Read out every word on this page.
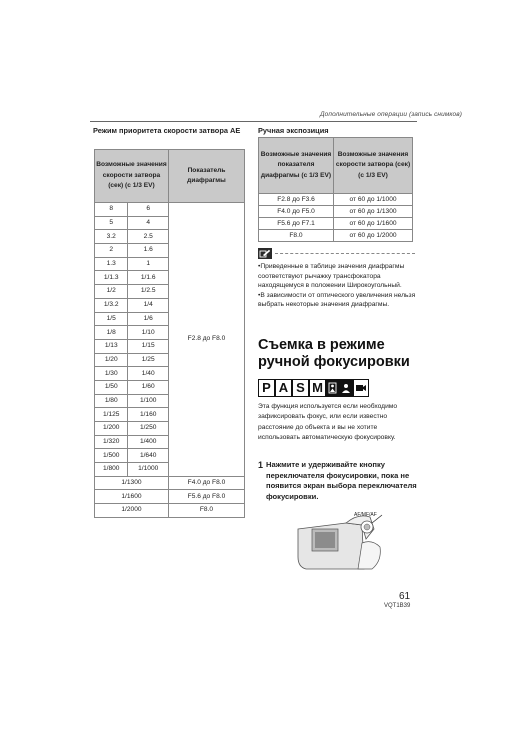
Дополнительные операции (запись снимков)
Режим приоритета скорости затвора AE
Возможные значения скорости затвора (сек) (с 1/3 EV)		Показатель диафрагмы
8	6	F2.8 до F8.0
5	4	
3.2	2.5	
2	1.6	
1.3	1	
1/1.3	1/1.6	
1/2	1/2.5	
1/3.2	1/4	
1/5	1/6	
1/8	1/10	
1/13	1/15	
1/20	1/25	
1/30	1/40	
1/50	1/60	
1/80	1/100	
1/125	1/160	
1/200	1/250	
1/320	1/400	
1/500	1/640	
1/800	1/1000	
1/1300		F4.0 до F8.0
1/1600		F5.6 до F8.0
1/2000		F8.0
Ручная экспозиция
Возможные значения показателя диафрагмы (с 1/3 EV)	Возможные значения скорости затвора (сек) (с 1/3 EV)
F2.8 до F3.6	от 60 до 1/1000
F4.0 до F5.0	от 60 до 1/1300
F5.6 до F7.1	от 60 до 1/1600
F8.0	от 60 до 1/2000

•Приведенные в таблице значения диафрагмы соответствуют рычажку трансфокатора находящемуся в положении Широкоугольный.

•В зависимости от оптического увеличения нельзя выбрать некоторые значения диафрагмы.

Съемка в режиме ручной фокусировки
P A S M
Эта функция используется если необходимо зафиксировать фокус, или если известно расстояние до объекта и вы не хотите использовать автоматическую фокусировку.
1 Нажмите и удерживайте кнопку переключателя фокусировки, пока не появится экран выбора переключателя фокусировки.
AF/MF/AF
61
VQT1B39
